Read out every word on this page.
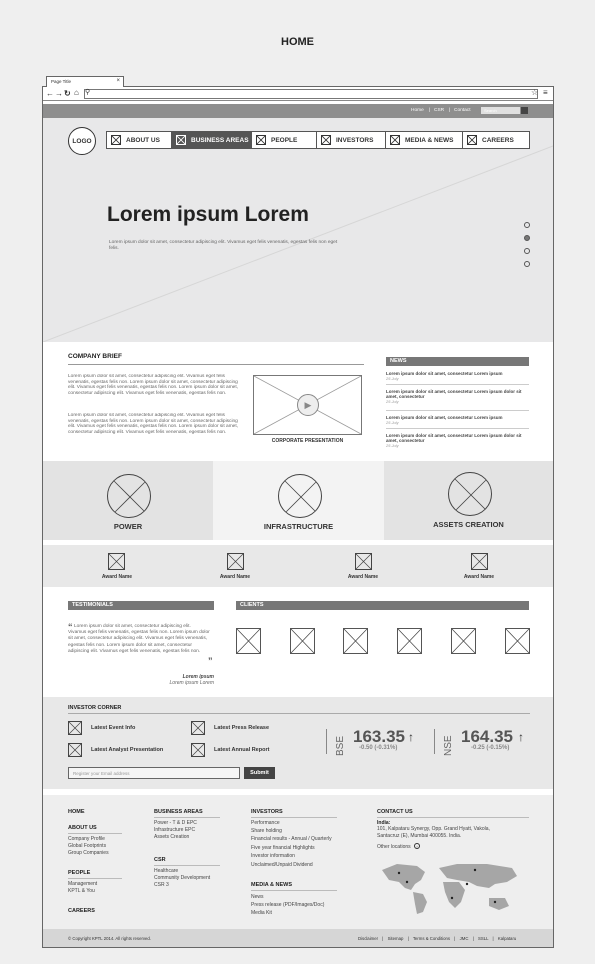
HOME
Page Title	×
← → ↻ ⌂ ⚲	☆ ≡
Home | CSR | Contact	Search
LOGO	ABOUT US	BUSINESS AREAS	PEOPLE	INVESTORS	MEDIA & NEWS	CAREERS
Lorem ipsum Lorem
Lorem ipsum dolor sit amet, consectetur adipiscing elit. Vivamus eget felis venenatis, egestas felis non eget felis.
COMPANY BRIEF
Lorem ipsum dolor sit amet, consectetur adipiscing elit. Vivamus eget felis venenatis, egestas felis non. Lorem ipsum dolor sit amet, consectetur adipiscing elit. Vivamus eget felis venenatis, egestas felis non. Lorem ipsum dolor sit amet, consectetur adipiscing elit. Vivamus eget felis venenatis, egestas felis non.
Lorem ipsum dolor sit amet, consectetur adipiscing elit. Vivamus eget felis venenatis, egestas felis non. Lorem ipsum dolor sit amet, consectetur adipiscing elit. Vivamus eget felis venenatis, egestas felis non. Lorem ipsum dolor sit amet, consectetur adipiscing elit. Vivamus eget felis venenatis, egestas felis non.
▶
CORPORATE PRESENTATION
NEWS
Lorem ipsum dolor sit amet, consectetur Lorem ipsum
25 July
Lorem ipsum dolor sit amet, consectetur Lorem ipsum dolor sit amet, consectetur
25 July
Lorem ipsum dolor sit amet, consectetur Lorem ipsum
25 July
Lorem ipsum dolor sit amet, consectetur Lorem ipsum dolor sit amet, consectetur
25 July
POWER	INFRASTRUCTURE	ASSETS CREATION
Award Name	Award Name	Award Name	Award Name
TESTIMONIALS
“ Lorem ipsum dolor sit amet, consectetur adipiscing elit. Vivamus eget felis venenatis, egestas felis non. Lorem ipsum dolor sit amet, consectetur adipiscing elit. Vivamus eget felis venenatis, egestas felis non. Lorem ipsum dolor sit amet, consectetur adipiscing elit. Vivamus eget felis venenatis, egestas felis non.
”
Lorem ipsum
Lorem ipsum Lorem
CLIENTS
INVESTOR CORNER
Latest Event Info	Latest Press Release
Latest Analyst Presentation	Latest Annual Report	BSE 163.35 ↑
-0.50 (-0.31%)	NSE 164.35 ↑
-0.25 (-0.15%)
Register your Email address	Submit
HOME
ABOUT US
Company Profile
Global Footprints
Group Companies
PEOPLE
Management
KPTL & You
CAREERS
BUSINESS AREAS
Power - T & D EPC
Infrastructure EPC
Assets Creation
CSR
Healthcare
Community Development
CSR 3
INVESTORS
Performance
Share holding
Financial results - Annual / Quarterly
Five year financial Highlights
Investor information
Unclaimed/Unpaid Dividend
MEDIA & NEWS
News
Press release (PDF/Images/Doc)
Media Kit
CONTACT US
India:
101, Kalpataru Synergy, Opp. Grand Hyatt, Vakola, Santacruz (E), Mumbai 400055. India.
Other locations ›
© Copyright KPTL 2014. All rights reserved.	Disclaimer | Sitemap | Terms & Conditions | JMC | SSLL | Kalpataru
